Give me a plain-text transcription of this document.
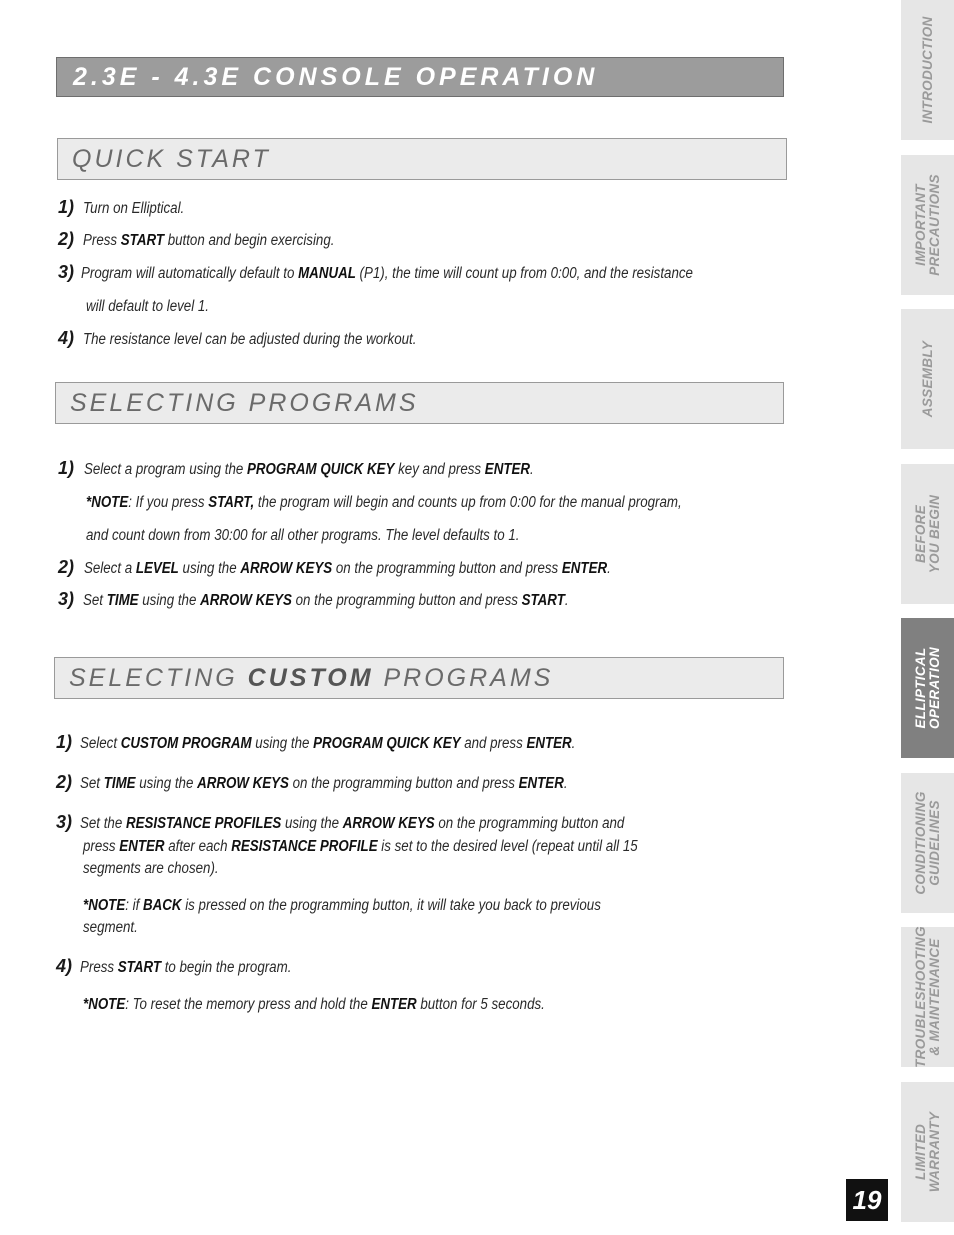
2.3E - 4.3E CONSOLE OPERATION
QUICK START
1) Turn on Elliptical.
2) Press START button and begin exercising.
3) Program will automatically default to MANUAL (P1), the time will count up from 0:00, and the resistance
will default to level 1.
4) The resistance level can be adjusted during the workout.
SELECTING PROGRAMS
1) Select a program using the PROGRAM QUICK KEY key and press ENTER.
*NOTE: If you press START, the program will begin and counts up from 0:00 for the manual program,
and count down from 30:00 for all other programs. The level defaults to 1.
2) Select a LEVEL using the ARROW KEYS on the programming button and press ENTER.
3) Set TIME using the ARROW KEYS on the programming button and press START.
SELECTING CUSTOM PROGRAMS
1) Select CUSTOM PROGRAM using the PROGRAM QUICK KEY and press ENTER.
2) Set TIME using the ARROW KEYS on the programming button and press ENTER.
3) Set the RESISTANCE PROFILES using the ARROW KEYS on the programming button and
press ENTER after each RESISTANCE PROFILE is set to the desired level (repeat until all 15
segments are chosen).
*NOTE: if BACK is pressed on the programming button, it will take you back to previous
segment.
4) Press START to begin the program.
*NOTE: To reset the memory press and hold the ENTER button for 5 seconds.
INTRODUCTION
IMPORTANT
PRECAUTIONS
ASSEMBLY
BEFORE
YOU BEGIN
ELLIPTICAL
OPERATION
CONDITIONING
GUIDELINES
TROUBLESHOOTING
& MAINTENANCE
LIMITED
WARRANTY
19
